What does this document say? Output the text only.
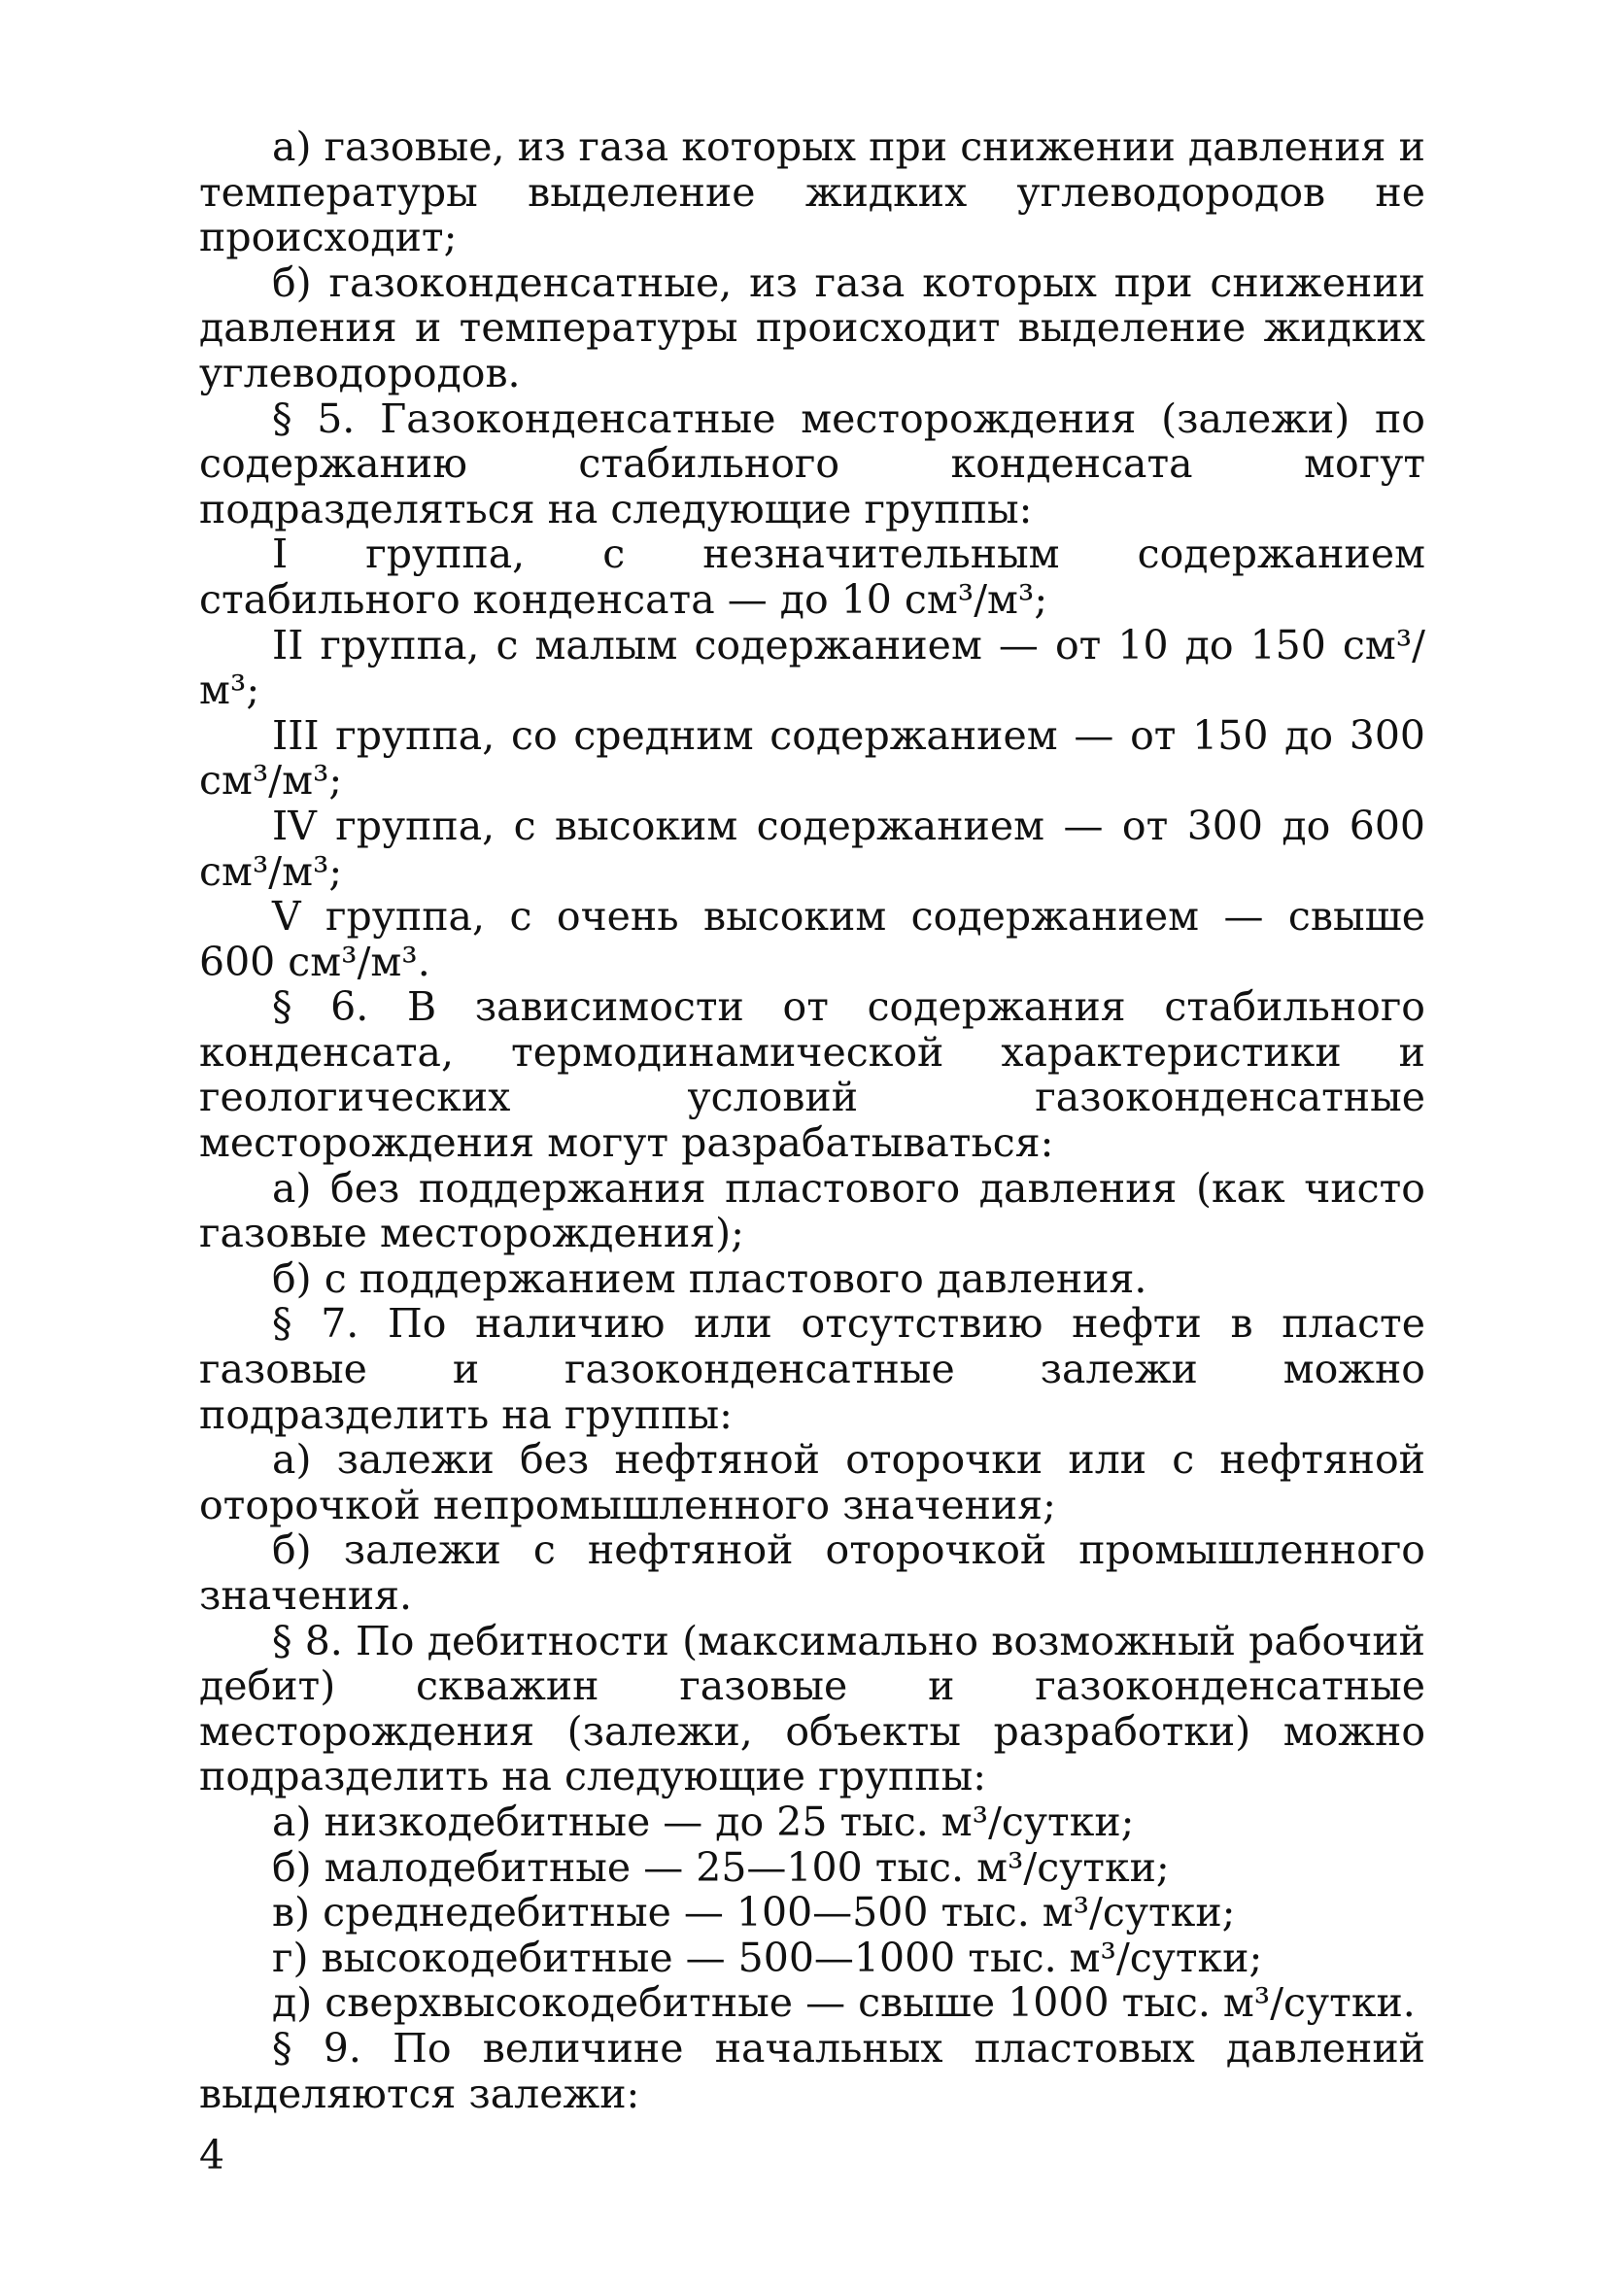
а) газовые, из газа которых при снижении давления и температуры выделение жидких углеводородов не происходит;

б) газоконденсатные, из газа которых при снижении давления и температуры происходит выделение жидких углеводородов.

§ 5. Газоконденсатные месторождения (залежи) по содержанию стабильного конденсата могут подразделяться на следующие группы:

I группа, с незначительным содержанием стабильного конденсата — до 10 см³/м³;

II группа, с малым содержанием — от 10 до 150 см³/м³;

III группа, со средним содержанием — от 150 до 300 см³/м³;

IV группа, с высоким содержанием — от 300 до 600 см³/м³;

V группа, с очень высоким содержанием — свыше 600 см³/м³.

§ 6. В зависимости от содержания стабильного конденсата, термодинамической характеристики и геологических условий газоконденсатные месторождения могут разрабатываться:

а) без поддержания пластового давления (как чисто газовые месторождения);

б) с поддержанием пластового давления.

§ 7. По наличию или отсутствию нефти в пласте газовые и газоконденсатные залежи можно подразделить на группы:

а) залежи без нефтяной оторочки или с нефтяной оторочкой непромышленного значения;

б) залежи с нефтяной оторочкой промышленного значения.

§ 8. По дебитности (максимально возможный рабочий дебит) скважин газовые и газоконденсатные месторождения (залежи, объекты разработки) можно подразделить на следующие группы:

а) низкодебитные — до 25 тыс. м³/сутки;

б) малодебитные — 25—100 тыс. м³/сутки;

в) среднедебитные — 100—500 тыс. м³/сутки;

г) высокодебитные — 500—1000 тыс. м³/сутки;

д) сверхвысокодебитные — свыше 1000 тыс. м³/сутки.

§ 9. По величине начальных пластовых давлений выделяются залежи:

4
